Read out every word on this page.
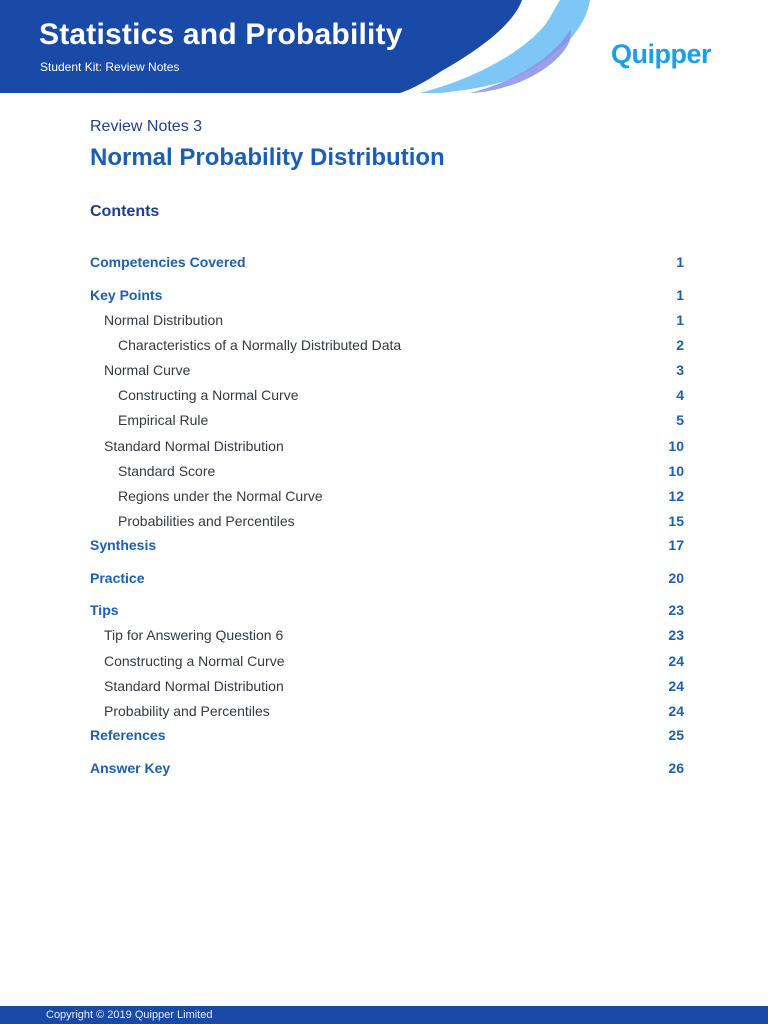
Statistics and Probability
Student Kit: Review Notes	Quipper
Review Notes 3
Normal Probability Distribution
Contents
Competencies Covered	1
Key Points	1
Normal Distribution	1
Characteristics of a Normally Distributed Data	2
Normal Curve	3
Constructing a Normal Curve	4
Empirical Rule	5
Standard Normal Distribution	10
Standard Score	10
Regions under the Normal Curve	12
Probabilities and Percentiles	15
Synthesis	17
Practice	20
Tips	23
Tip for Answering Question 6	23
Constructing a Normal Curve	24
Standard Normal Distribution	24
Probability and Percentiles	24
References	25
Answer Key	26
Copyright © 2019 Quipper Limited
